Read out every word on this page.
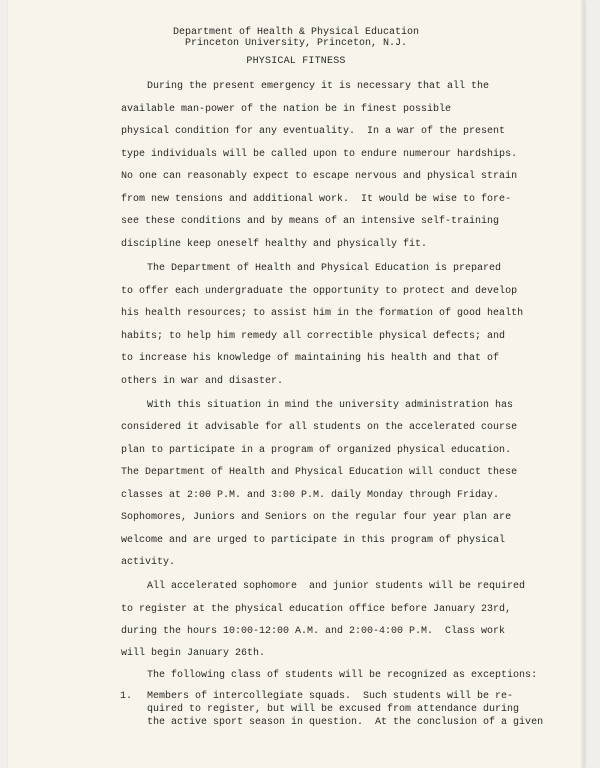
Department of Health & Physical Education
Princeton University, Princeton, N.J.
PHYSICAL FITNESS
During the present emergency it is necessary that all the
available man-power of the nation be in finest possible
physical condition for any eventuality.  In a war of the present
type individuals will be called upon to endure numerour hardships.
No one can reasonably expect to escape nervous and physical strain
from new tensions and additional work.  It would be wise to fore-
see these conditions and by means of an intensive self-training
discipline keep oneself healthy and physically fit.
The Department of Health and Physical Education is prepared
to offer each undergraduate the opportunity to protect and develop
his health resources; to assist him in the formation of good health
habits; to help him remedy all correctible physical defects; and
to increase his knowledge of maintaining his health and that of
others in war and disaster.
With this situation in mind the university administration has
considered it advisable for all students on the accelerated course
plan to participate in a program of organized physical education.
The Department of Health and Physical Education will conduct these
classes at 2:00 P.M. and 3:00 P.M. daily Monday through Friday.
Sophomores, Juniors and Seniors on the regular four year plan are
welcome and are urged to participate in this program of physical
activity.
All accelerated sophomore  and junior students will be required
to register at the physical education office before January 23rd,
during the hours 10:00-12:00 A.M. and 2:00-4:00 P.M.  Class work
will begin January 26th.
The following class of students will be recognized as exceptions:
1. Members of intercollegiate squads.  Such students will be re-
quired to register, but will be excused from attendance during
the active sport season in question.  At the conclusion of a given
